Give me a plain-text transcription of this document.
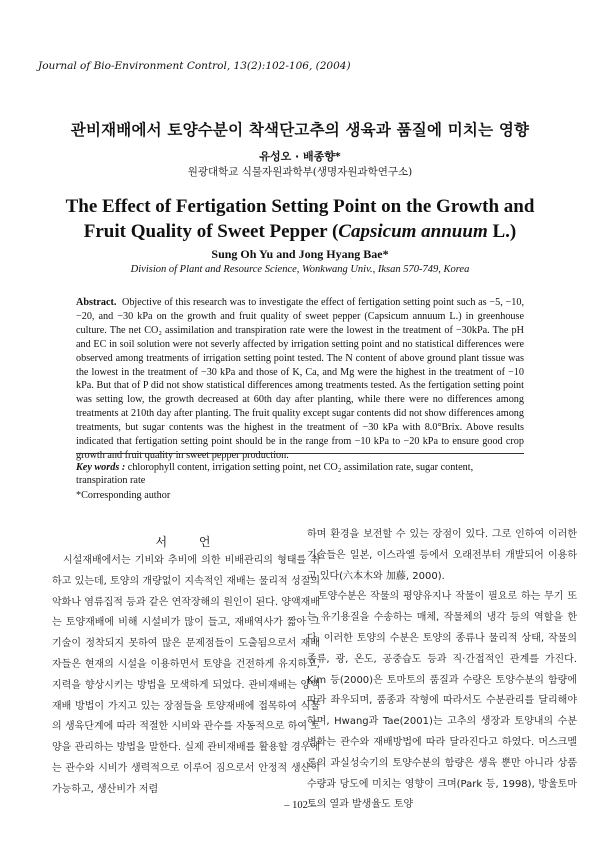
Journal of Bio-Environment Control, 13(2):102-106, (2004)
관비재배에서 토양수분이 착색단고추의 생육과 품질에 미치는 영향
유성오 · 배종향*
원광대학교 식물자원과학부(생명자원과학연구소)
The Effect of Fertigation Setting Point on the Growth and
Fruit Quality of Sweet Pepper (Capsicum annuum L.)
Sung Oh Yu and Jong Hyang Bae*
Division of Plant and Resource Science, Wonkwang Univ., Iksan 570-749, Korea
Abstract. Objective of this research was to investigate the effect of fertigation setting point such as −5, −10, −20, and −30 kPa on the growth and fruit quality of sweet pepper (Capsicum annuum L.) in greenhouse culture. The net CO₂ assimilation and transpiration rate were the lowest in the treatment of −30kPa. The pH and EC in soil solution were not severly affected by irrigation setting point and no statistical differences were observed among treatments of irrigation setting point tested. The N content of above ground plant tissue was the lowest in the treatment of −30 kPa and those of K, Ca, and Mg were the highest in the treatment of −10 kPa. But that of P did not show statistical differences among treatments tested. As the fertigation setting point was setting low, the growth decreased at 60th day after planting, while there were no differences among treatments at 210th day after planting. The fruit quality except sugar contents did not show differences among treatments, but sugar contents was the highest in the treatment of −30 kPa with 8.0°Brix. Above results indicated that fertigation setting point should be in the range from −10 kPa to −20 kPa to ensure good crop growth and fruit quality in sweet pepper production.
Key words : chlorophyll content, irrigation setting point, net CO₂ assimilation rate, sugar content, transpiration rate
*Corresponding author
서 언
시설재배에서는 기비와 추비에 의한 비배관리의 형태를 취하고 있는데, 토양의 개량없이 지속적인 재배는 물리적 성질의 악화나 염류집적 등과 같은 연작장해의 원인이 된다. 양액재배는 토양재배에 비해 시설비가 많이 들고, 재배역사가 짧아 그 기술이 정착되지 못하여 많은 문제점들이 도출됨으로서 재배자들은 현재의 시설을 이용하면서 토양을 건전하게 유지하고, 지력을 향상시키는 방법을 모색하게 되었다. 관비재배는 양액재배 방법이 가지고 있는 장점들을 토양재배에 접목하여 식물의 생육단계에 따라 적절한 시비와 관수를 자동적으로 하여 토양을 관리하는 방법을 말한다. 실제 관비재배를 활용할 경우에는 관수와 시비가 생력적으로 이루어 짐으로서 안정적 생산이 가능하고, 생산비가 저렴

하며 환경을 보전할 수 있는 장점이 있다. 그로 인하여 이러한 기술들은 일본, 이스라엘 등에서 오래전부터 개발되어 이용하고 있다(六本木와 加藤, 2000).

토양수분은 작물의 평양유지나 작물이 필요로 하는 무기 또는 유기용질을 수송하는 매체, 작물체의 냉각 등의 역할을 한다. 이러한 토양의 수분은 토양의 종류나 물리적 상태, 작물의 종류, 광, 온도, 공중습도 등과 직·간접적인 관계를 가진다. Kim 등(2000)은 토마토의 품질과 수량은 토양수분의 함량에 따라 좌우되며, 품종과 작형에 따라서도 수분관리를 달리해야 하며, Hwang과 Tae(2001)는 고추의 생장과 토양내의 수분 변화는 관수와 재배방법에 따라 달라진다고 하였다. 머스크멜론의 과실성숙기의 토양수분의 함량은 생육 뿐만 아니라 상품수량과 당도에 미치는 영향이 크며(Park 등, 1998), 방울토마토의 열과 발생율도 토양

– 102 –
